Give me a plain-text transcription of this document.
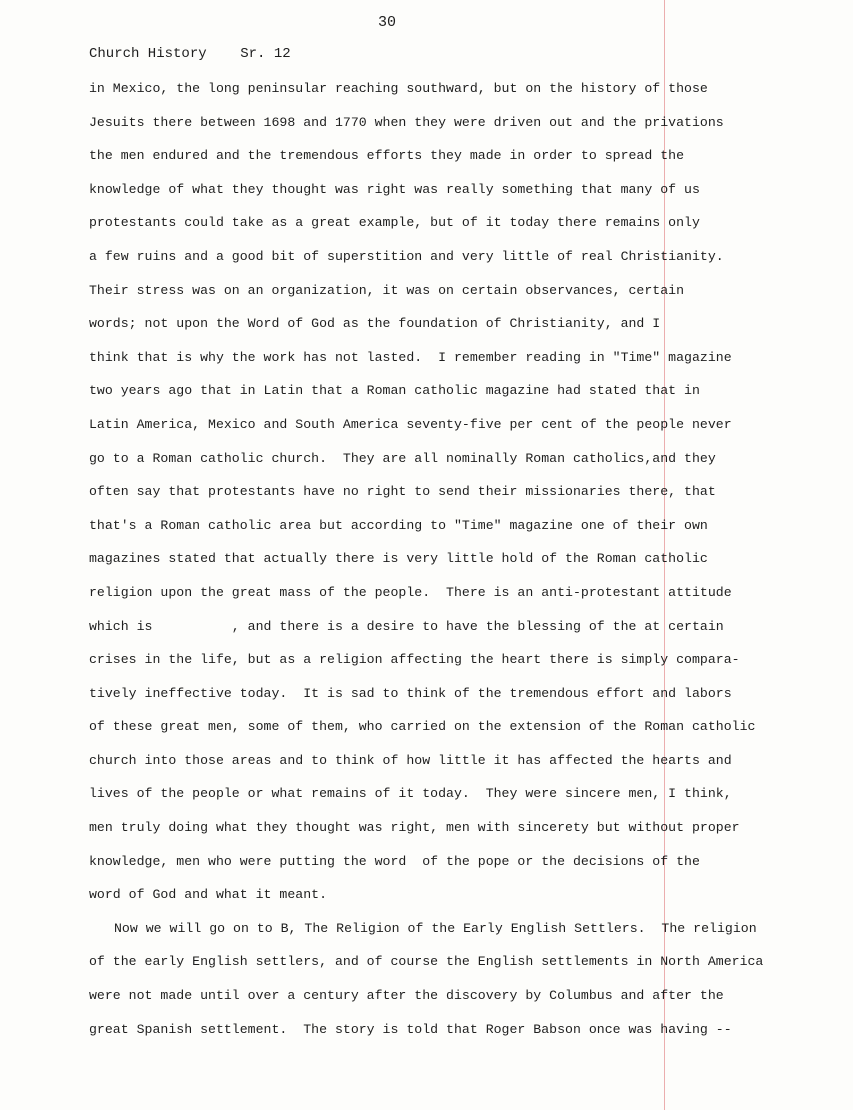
30
Church History Sr. 12
in Mexico, the long peninsular reaching southward, but on the history of those
Jesuits there between 1698 and 1770 when they were driven out and the privations
the men endured and the tremendous efforts they made in order to spread the
knowledge of what they thought was right was really something that many of us
protestants could take as a great example, but of it today there remains only
a few ruins and a good bit of superstition and very little of real Christianity.
Their stress was on an organization, it was on certain observances, certain
words; not upon the Word of God as the foundation of Christianity, and I
think that is why the work has not lasted.  I remember reading in "Time" magazine
two years ago that in Latin that a Roman catholic magazine had stated that in
Latin America, Mexico and South America seventy-five per cent of the people never
go to a Roman catholic church.  They are all nominally Roman catholics,and they
often say that protestants have no right to send their missionaries there, that
that's a Roman catholic area but according to "Time" magazine one of their own
magazines stated that actually there is very little hold of the Roman catholic
religion upon the great mass of the people.  There is an anti-protestant attitude
which is          , and there is a desire to have the blessing of the at certain
crises in the life, but as a religion affecting the heart there is simply compara-
tively ineffective today.  It is sad to think of the tremendous effort and labors
of these great men, some of them, who carried on the extension of the Roman catholic
church into those areas and to think of how little it has affected the hearts and
lives of the people or what remains of it today.  They were sincere men, I think,
men truly doing what they thought was right, men with sincerety but without proper
knowledge, men who were putting the word  of the pope or the decisions of the
word of God and what it meant.
Now we will go on to B, The Religion of the Early English Settlers.  The religion
of the early English settlers, and of course the English settlements in North America
were not made until over a century after the discovery by Columbus and after the
great Spanish settlement.  The story is told that Roger Babson once was having --
